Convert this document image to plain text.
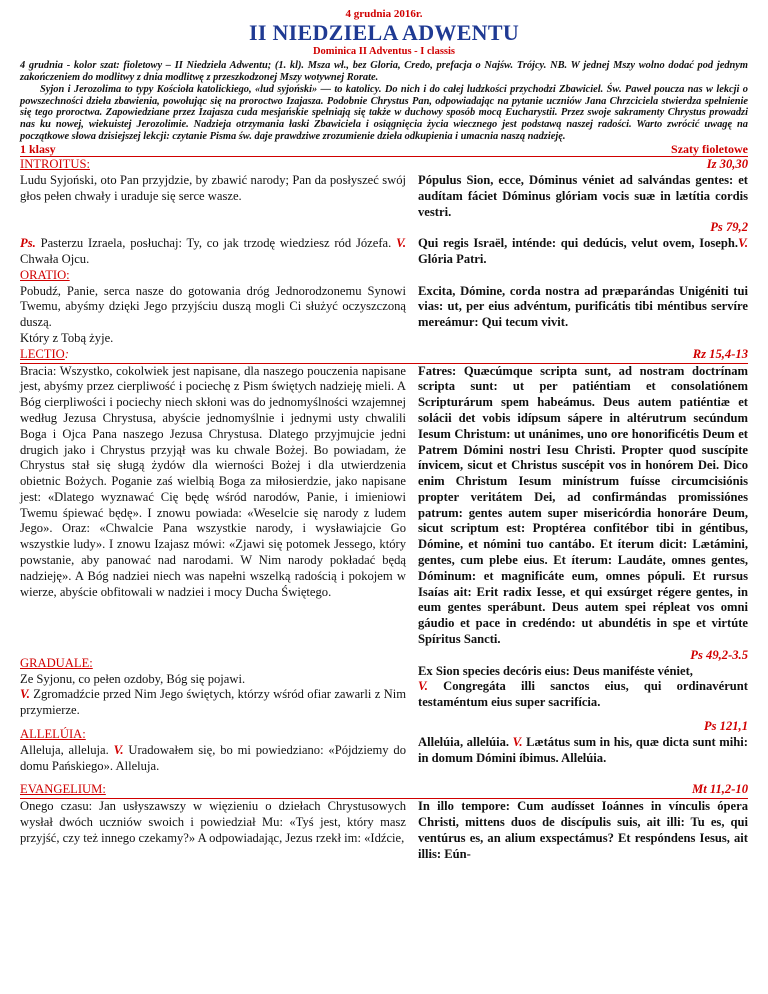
4 grudnia 2016r.
II NIEDZIELA ADWENTU
Dominica II Adventus - I classis
4 grudnia - kolor szat: fioletowy – II Niedziela Adwentu; (1. kl). Msza wł., bez Gloria, Credo, prefacja o Najśw. Trójcy. NB. W jednej Mszy wolno dodać pod jednym zakończeniem do modlitwy z dnia modlitwę z przeszkodzonej Mszy wotywnej Roratе.
Syjon i Jerozolima to typy Kościoła katolickiego, «lud syjoński» — to katolicy. Do nich i do całej ludzkości przychodzi Zbawiciel. Św. Paweł poucza nas w lekcji o powszechności dzieła zbawienia, powołując się na proroctwo Izajasza. Podobnie Chrystus Pan, odpowiadając na pytanie uczniów Jana Chrzciciela stwierdza spełnienie się tego proroctwa. Zapowiedziane przez Izajasza cuda mesjańskie spełniają się także w duchowy sposób mocą Eucharystii. Przez swoje sakramenty Chrystus prowadzi nas ku nowej, wiekuistej Jerozolimie. Nadzieja otrzymania łaski Zbawiciela i osiągnięcia życia wiecznego jest podstawą naszej radości. Warto zwrócić uwagę na początkowe słowa dzisiejszej lekcji: czytanie Pisma św. daje prawdziwe zrozumienie dzieła odkupienia i umacnia naszą nadzieję.
1 klasy	Szaty fioletowe
INTROITUS:
Ludu Syjoński, oto Pan przyjdzie, by zbawić narody; Pan da posłyszeć swój głos pełen chwały i uraduje się serce wasze.
Iz 30,30
Pópulus Sion, ecce, Dóminus véniet ad salvándas gentes: et audítam fáciet Dóminus glóriam vocis suæ in lætítia cordis vestri.
Ps 79,2
Ps. Pasterzu Izraela, posłuchaj: Ty, co jak trzodę wiedziesz ród Józefa. V. Chwała Ojcu.
Qui regis Israël, inténde: qui dedúcis, velut ovem, Ioseph.V. Glória Patri.
ORATIO:
Pobudź, Panie, serca nasze do gotowania dróg Jednorodzonemu Synowi Twemu, abyśmy dzięki Jego przyjściu duszą mogli Ci służyć oczyszczoną duszą.
Który z Tobą żyje.
Excita, Dómine, corda nostra ad præparándas Unigéniti tui vias: ut, per eius advéntum, purificátis tibi méntibus servíre mereámur: Qui tecum vivit.
LECTIO:	Rz 15,4-13
Bracia: Wszystko, cokolwiek jest napisane, dla naszego pouczenia napisane jest, abyśmy przez cierpliwość i pociechę z Pism świętych nadzieję mieli. A Bóg cierpliwości i pociechy niech skłoni was do jednomyślności wzajemnej według Jezusa Chrystusa, abyście jednomyślnie i jednymi usty chwalili Boga i Ojca Pana naszego Jezusa Chrystusa. Dlatego przyjmujcie jedni drugich jako i Chrystus przyjął was ku chwale Bożej. Bo powiadam, że Chrystus stał się sługą żydów dla wierności Bożej i dla utwierdzenia obietnic Bożych. Poganie zaś wielbią Boga za miłosierdzie, jako napisane jest: «Dlatego wyznawać Cię będę wśród narodów, Panie, i imieniowi Twemu śpiewać będę». I znowu powiada: «Weselcie się narody z ludem Jego». Oraz: «Chwalcie Pana wszystkie narody, i wysławiajcie Go wszystkie ludy». I znowu Izajasz mówi: «Zjawi się potomek Jessego, który powstanie, aby panować nad narodami. W Nim narody pokładać będą nadzieję». A Bóg nadziei niech was napełni wszelką radością i pokojem w wierze, abyście obfitowali w nadziei i mocy Ducha Świętego.
Fatres: Quæcúmque scripta sunt, ad nostram doctrínam scripta sunt: ut per patiéntiam et consolatiónem Scripturárum spem habeámus. Deus autem patiéntiæ et solácii det vobis idípsum sápere in altérutrum secúndum Iesum Christum: ut unánimes, uno ore honorificétis Deum et Patrem Dómini nostri Iesu Christi. Propter quod suscípite ínvicem, sicut et Christus suscépit vos in honórem Dei. Dico enim Christum Iesum minístrum fuísse circumcisiónis propter veritátem Dei, ad confirmándas promissiónes patrum: gentes autem super misericórdia honoráre Deum, sicut scriptum est: Proptérea confitébor tibi in géntibus, Dómine, et nómini tuo cantábo. Et íterum dicit: Lætámini, gentes, cum plebe eius. Et íterum: Laudáte, omnes gentes, Dóminum: et magnificáte eum, omnes pópuli. Et rursus Isaías ait: Erit radix Iesse, et qui exsúrget régere gentes, in eum gentes sperábunt. Deus autem spei répleat vos omni gáudio et pace in credéndo: ut abundétis in spe et virtúte Spíritus Sancti.
GRADUALE:
Ze Syjonu, co pełen ozdoby, Bóg się pojawi.
V. Zgromadźcie przed Nim Jego świętych, którzy wśród ofiar zawarli z Nim przymierze.
Ps 49,2-3.5
Ex Sion species decóris eius: Deus maniféste véniet,
V. Congregáta illi sanctos eius, qui ordinavérunt testaméntum eius super sacrifícia.
ALLELÚIA:
Alleluja, alleluja. V. Uradowałem się, bo mi powiedziano: «Pójdziemy do domu Pańskiego». Alleluja.
Ps 121,1
Allelúia, allelúia. V. Lætátus sum in his, quæ dicta sunt mihi: in domum Dómini íbimus. Allelúia.
EVANGELIUM:	Mt 11,2-10
Onego czasu: Jan usłyszawszy w więzieniu o dziełach Chrystusowych wysłał dwóch uczniów swoich i powiedział Mu: «Tyś jest, który masz przyjść, czy też innego czekamy?» A odpowiadając, Jezus rzekł im: «Idźcie,
In illo tempore: Cum audísset Ioánnes in vínculis ópera Christi, mittens duos de discípulis suis, ait illi: Tu es, qui ventúrus es, an alium exspectámus? Et respóndens Iesus, ait illis: Eún-
